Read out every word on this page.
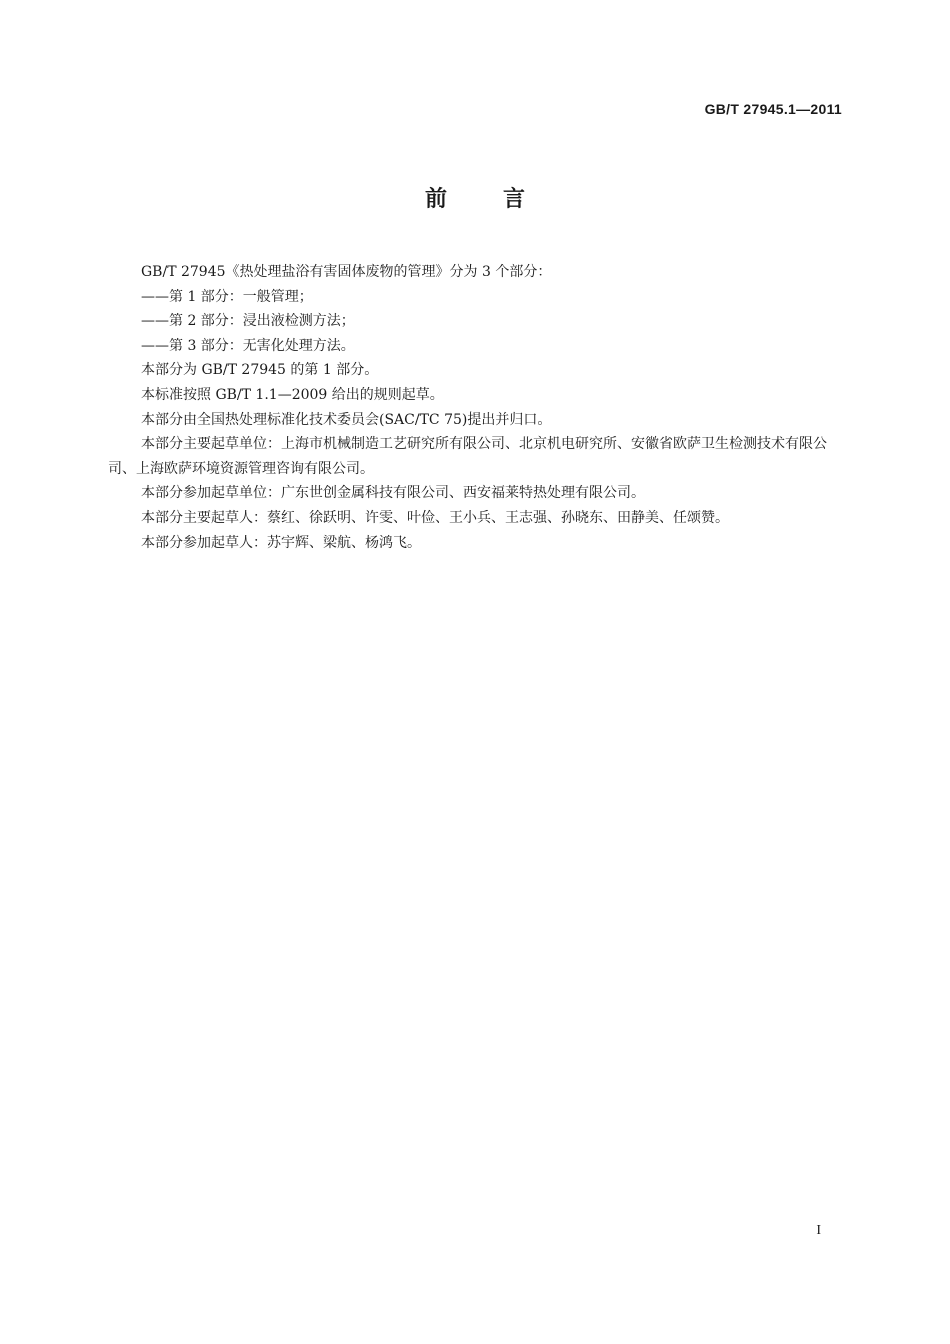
GB/T 27945.1—2011
前言

GB/T 27945《热处理盐浴有害固体废物的管理》分为 3 个部分：

——第 1 部分：一般管理；

——第 2 部分：浸出液检测方法；

——第 3 部分：无害化处理方法。

本部分为 GB/T 27945 的第 1 部分。

本标准按照 GB/T 1.1—2009 给出的规则起草。

本部分由全国热处理标准化技术委员会(SAC/TC 75)提出并归口。

本部分主要起草单位：上海市机械制造工艺研究所有限公司、北京机电研究所、安徽省欧萨卫生检测技术有限公司、上海欧萨环境资源管理咨询有限公司。

本部分参加起草单位：广东世创金属科技有限公司、西安福莱特热处理有限公司。

本部分主要起草人：蔡红、徐跃明、许雯、叶俭、王小兵、王志强、孙晓东、田静美、任颂赞。

本部分参加起草人：苏宇辉、梁航、杨鸿飞。

I
